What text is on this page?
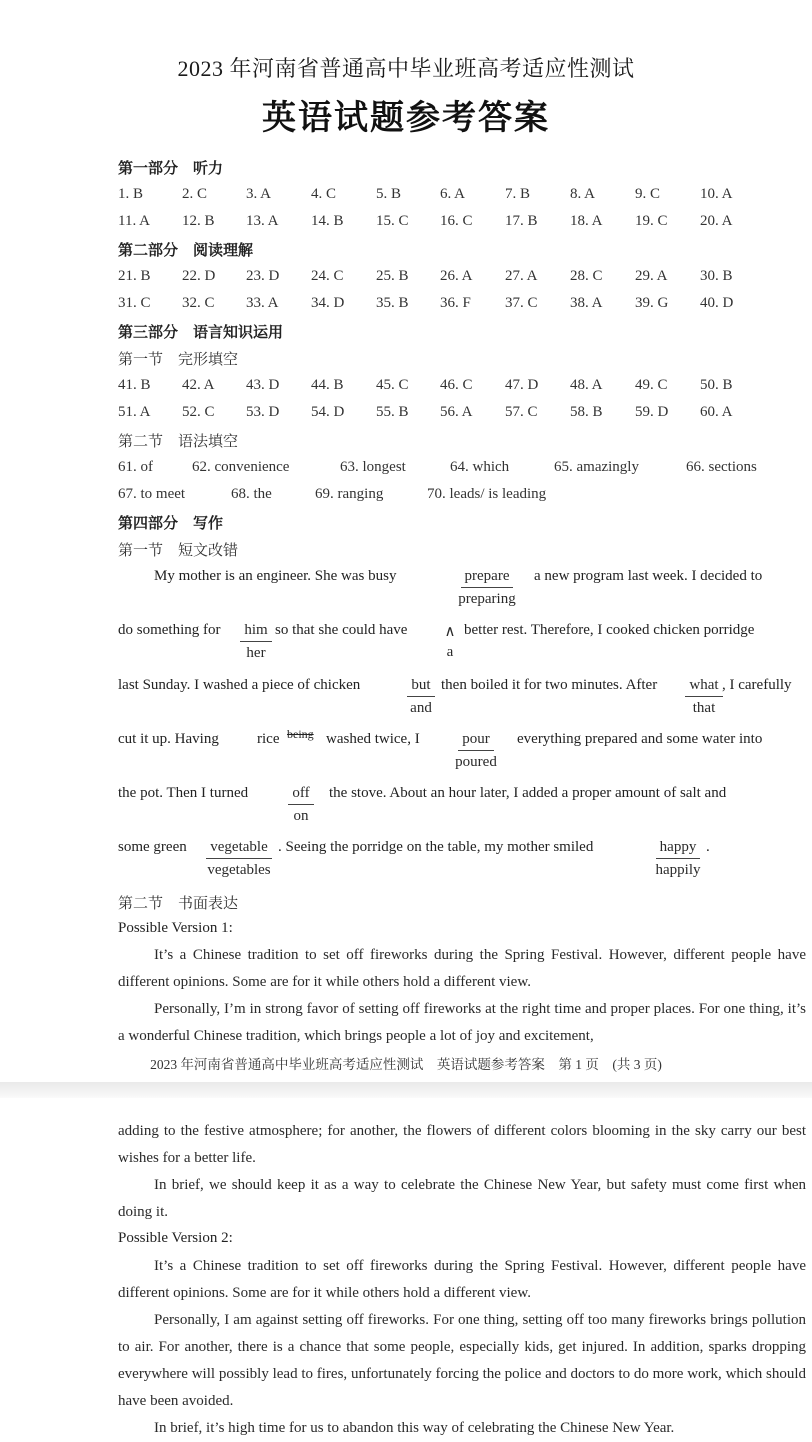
2023 年河南省普通高中毕业班高考适应性测试
英语试题参考答案
第一部分　听力
1. B	2. C	3. A	4. C	5. B	6. A	7. B	8. A	9. C	10. A
11. A 12. B 13. A 14. B 15. C 16. C 17. B 18. A 19. C 20. A
第二部分　阅读理解
21. B 22. D 23. D 24. C 25. B 26. A 27. A 28. C 29. A 30. B
31. C 32. C 33. A 34. D 35. B 36. F 37. C 38. A 39. G 40. D
第三部分　语言知识运用
第一节　完形填空
41. B 42. A 43. D 44. B 45. C 46. C 47. D 48. A 49. C 50. B
51. A 52. C 53. D 54. D 55. B 56. A 57. C 58. B 59. D 60. A
第二节　语法填空
61. of	62. convenience	63. longest	64. which	65. amazingly	66. sections
67. to meet	68. the	69. ranging	70. leads/ is leading
第四部分　写作
第一节　短文改错
My mother is an engineer. She was busy	prepare
preparing
a new program last week. I decided to
do something for	him
her
so that she could have	∧
a
better rest. Therefore, I cooked chicken porridge
last Sunday. I washed a piece of chicken	but
and
then boiled it for two minutes. After	what
that
, I carefully
cut it up. Having	rice being washed twice, I	pour
poured
everything prepared and some water into
the pot. Then I turned	off
on
the stove. About an hour later, I added a proper amount of salt and
some green	vegetable
vegetables
. Seeing the porridge on the table, my mother smiled	happy
happily
.
第二节　书面表达
Possible Version 1:
It’s a Chinese tradition to set off fireworks during the Spring Festival. However, different people have different opinions. Some are for it while others hold a different view.
Personally, I’m in strong favor of setting off fireworks at the right time and proper places. For one thing, it’s a wonderful Chinese tradition, which brings people a lot of joy and excitement,
2023 年河南省普通高中毕业班高考适应性测试　英语试题参考答案　第 1 页　(共 3 页)
adding to the festive atmosphere; for another, the flowers of different colors blooming in the sky carry our best wishes for a better life.
In brief, we should keep it as a way to celebrate the Chinese New Year, but safety must come first when doing it.
Possible Version 2:
It’s a Chinese tradition to set off fireworks during the Spring Festival. However, different people have different opinions. Some are for it while others hold a different view.
Personally, I am against setting off fireworks. For one thing, setting off too many fireworks brings pollution to air. For another, there is a chance that some people, especially kids, get injured. In addition, sparks dropping everywhere will possibly lead to fires, unfortunately forcing the police and doctors to do more work, which should have been avoided.
In brief, it’s high time for us to abandon this way of celebrating the Chinese New Year.
